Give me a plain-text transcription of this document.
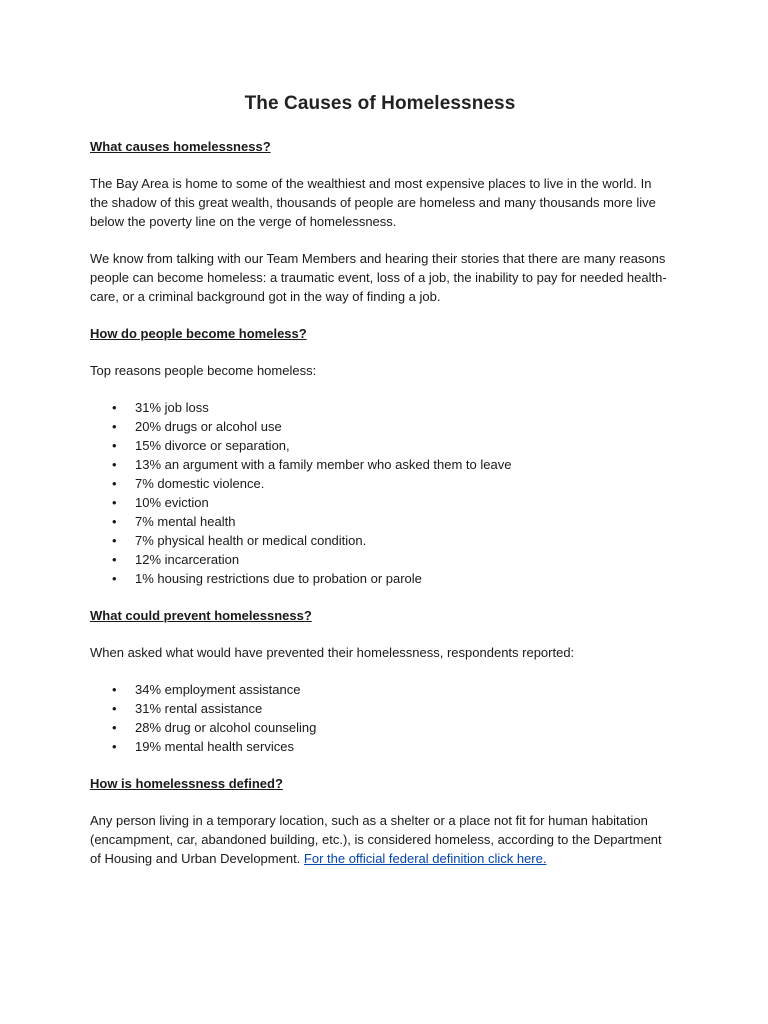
The Causes of Homelessness
What causes homelessness?

The Bay Area is home to some of the wealthiest and most expensive places to live in the world. In the shadow of this great wealth, thousands of people are homeless and many thousands more live below the poverty line on the verge of homelessness.

We know from talking with our Team Members and hearing their stories that there are many reasons people can become homeless: a traumatic event, loss of a job, the inability to pay for needed health-care, or a criminal background got in the way of finding a job.

How do people become homeless?

Top reasons people become homeless:

• 31% job loss
• 20% drugs or alcohol use
• 15% divorce or separation,
• 13% an argument with a family member who asked them to leave
• 7% domestic violence.
• 10% eviction
• 7% mental health
• 7% physical health or medical condition.
• 12% incarceration
• 1% housing restrictions due to probation or parole
What could prevent homelessness?

When asked what would have prevented their homelessness, respondents reported:

• 34% employment assistance
• 31% rental assistance
• 28% drug or alcohol counseling
• 19% mental health services
How is homelessness defined?

Any person living in a temporary location, such as a shelter or a place not fit for human habitation (encampment, car, abandoned building, etc.), is considered homeless, according to the Department of Housing and Urban Development. For the official federal definition click here.
